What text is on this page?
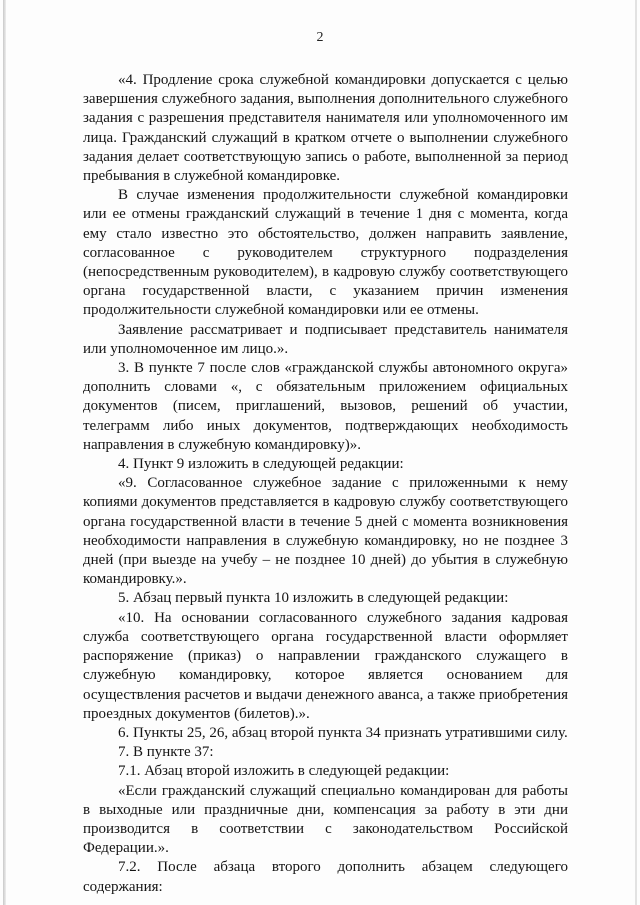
2

«4. Продление срока служебной командировки допускается с целью завершения служебного задания, выполнения дополнительного служебного задания с разрешения представителя нанимателя или уполномоченного им лица. Гражданский служащий в кратком отчете о выполнении служебного задания делает соответствующую запись о работе, выполненной за период пребывания в служебной командировке.

В случае изменения продолжительности служебной командировки или ее отмены гражданский служащий в течение 1 дня с момента, когда ему стало известно это обстоятельство, должен направить заявление, согласованное с руководителем структурного подразделения (непосредственным руководителем), в кадровую службу соответствующего органа государственной власти, с указанием причин изменения продолжительности служебной командировки или ее отмены.

Заявление рассматривает и подписывает представитель нанимателя или уполномоченное им лицо.».

3. В пункте 7 после слов «гражданской службы автономного округа» дополнить словами «, с обязательным приложением официальных документов (писем, приглашений, вызовов, решений об участии, телеграмм либо иных документов, подтверждающих необходимость направления в служебную командировку)».

4. Пункт 9 изложить в следующей редакции:

«9. Согласованное служебное задание с приложенными к нему копиями документов представляется в кадровую службу соответствующего органа государственной власти в течение 5 дней с момента возникновения необходимости направления в служебную командировку, но не позднее 3 дней (при выезде на учебу – не позднее 10 дней) до убытия в служебную командировку.».

5. Абзац первый пункта 10 изложить в следующей редакции:

«10. На основании согласованного служебного задания кадровая служба соответствующего органа государственной власти оформляет распоряжение (приказ) о направлении гражданского служащего в служебную командировку, которое является основанием для осуществления расчетов и выдачи денежного аванса, а также приобретения проездных документов (билетов).».

6. Пункты 25, 26, абзац второй пункта 34 признать утратившими силу.

7. В пункте 37:

7.1. Абзац второй изложить в следующей редакции:

«Если гражданский служащий специально командирован для работы в выходные или праздничные дни, компенсация за работу в эти дни производится в соответствии с законодательством Российской Федерации.».

7.2. После абзаца второго дополнить абзацем следующего содержания:
